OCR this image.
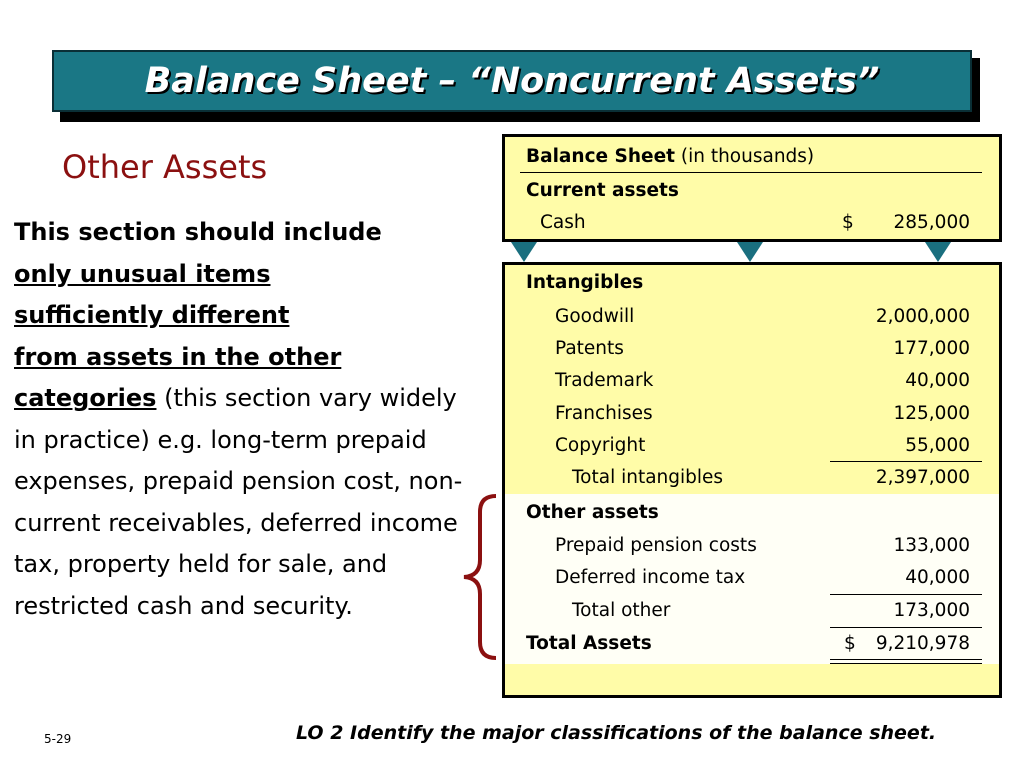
Balance Sheet – “Noncurrent Assets”
Other Assets
This section should include
only unusual items
sufficiently different
from assets in the other
categories (this section vary widely in practice) e.g. long-term prepaid expenses, prepaid pension cost, non-current receivables, deferred income tax, property held for sale, and restricted cash and security.
Balance Sheet (in thousands)
Current assets
Cash	$	285,000
Intangibles
Goodwill	2,000,000
Patents	177,000
Trademark	40,000
Franchises	125,000
Copyright	55,000
Total intangibles	2,397,000
Other assets
Prepaid pension costs	133,000
Deferred income tax	40,000
Total other	173,000
Total Assets	$	9,210,978
5-29	LO 2 Identify the major classifications of the balance sheet.
